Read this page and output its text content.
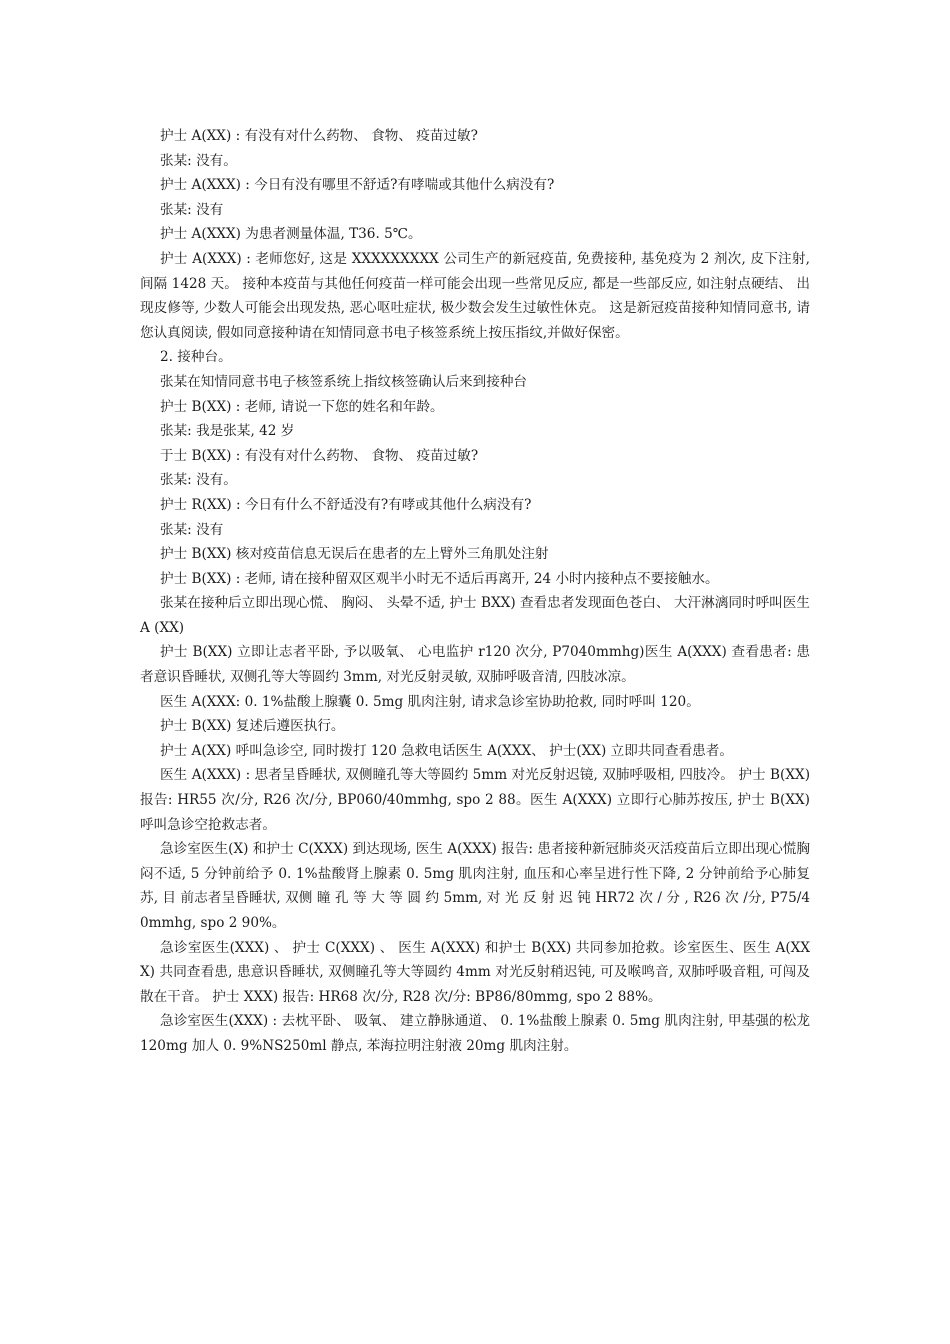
护士 A(XX) : 有没有对什么药物、 食物、 疫苗过敏?

张某: 没有。

护士 A(XXX) : 今日有没有哪里不舒适?有哮喘或其他什么病没有?

张某: 没有

护士 A(XXX) 为患者测量体温, T36. 5℃。

护士 A(XXX) : 老师您好, 这是 XXXXXXXXX 公司生产的新冠疫苗, 免费接种, 基免疫为 2 剂次, 皮下注射, 间隔 1428 天。 接种本疫苗与其他任何疫苗一样可能会出现一些常见反应, 都是一些部反应, 如注射点硬结、 出现皮修等, 少数人可能会出现发热, 恶心呕吐症状, 极少数会发生过敏性休克。 这是新冠疫苗接种知情同意书, 请您认真阅读, 假如同意接种请在知情同意书电子核签系统上按压指纹,并做好保密。

2. 接种台。

张某在知情同意书电子核签系统上指纹核签确认后来到接种台

护士 B(XX) : 老师, 请说一下您的姓名和年龄。

张某: 我是张某, 42 岁

于士 B(XX) : 有没有对什么药物、 食物、 疫苗过敏?

张某: 没有。

护士 R(XX) : 今日有什么不舒适没有?有哮或其他什么病没有?

张某: 没有

护士 B(XX) 核对疫苗信息无误后在患者的左上臂外三角肌处注射

护士 B(XX) : 老师, 请在接种留双区观半小时无不适后再离开, 24 小时内接种点不要接触水。

张某在接种后立即出现心慌、 胸闷、 头晕不适, 护士 BXX) 查看忠者发现面色苍白、 大汗淋漓同时呼叫医生 A (XX)

护士 B(XX) 立即让志者平卧, 予以吸氧、 心电监护 r120 次分, P7040mmhg)医生 A(XXX) 查看患者: 患者意识昏睡状, 双侧孔等大等圆约 3mm, 对光反射灵敏, 双肺呼吸音清, 四肢冰凉。

医生 A(XXX: 0. 1%盐酸上腺囊 0. 5mg 肌肉注射, 请求急诊室协助抢救, 同时呼叫 120。

护士 B(XX) 复述后遵医执行。

护士 A(XX) 呼叫急诊空, 同时拨打 120 急救电话医生 A(XXX、 护士(XX) 立即共同查看患者。

医生 A(XXX) : 思者呈昏睡状, 双侧瞳孔等大等圆约 5mm 对光反射迟镜, 双肺呼吸相, 四肢冷。 护士 B(XX) 报告: HR55 次/分, R26 次/分, BP060/40mmhg, spo 2 88。医生 A(XXX) 立即行心肺苏按压, 护士 B(XX) 呼叫急诊空抢救志者。

急诊室医生(X) 和护士 C(XXX) 到达现场, 医生 A(XXX) 报告: 患者接种新冠肺炎灭活疫苗后立即出现心慌胸闷不适, 5 分钟前给予 0. 1%盐酸肾上腺素 0. 5mg 肌肉注射, 血压和心率呈进行性下降, 2 分钟前给予心肺复苏, 目 前志者呈昏睡状, 双侧 瞳 孔 等 大 等 圆 约 5mm, 对 光 反 射 迟 钝 HR72 次 / 分 , R26 次 /分, P75/40mmhg, spo 2 90%。

急诊室医生(XXX) 、 护士 C(XXX) 、 医生 A(XXX) 和护士 B(XX) 共同参加抢救。诊室医生、医生 A(XXX) 共同查看患, 患意识昏睡状, 双侧瞳孔等大等圆约 4mm 对光反射稍迟钝, 可及喉鸣音, 双肺呼吸音粗, 可闯及散在干音。 护士 XXX) 报告: HR68 次/分, R28 次/分: BP86/80mmg, spo 2 88%。

急诊室医生(XXX) : 去枕平卧、 吸氧、 建立静脉通道、 0. 1%盐酸上腺素 0. 5mg 肌肉注射, 甲基强的松龙 120mg 加人 0. 9%NS250ml 静点, 苯海拉明注射液 20mg 肌肉注射。
